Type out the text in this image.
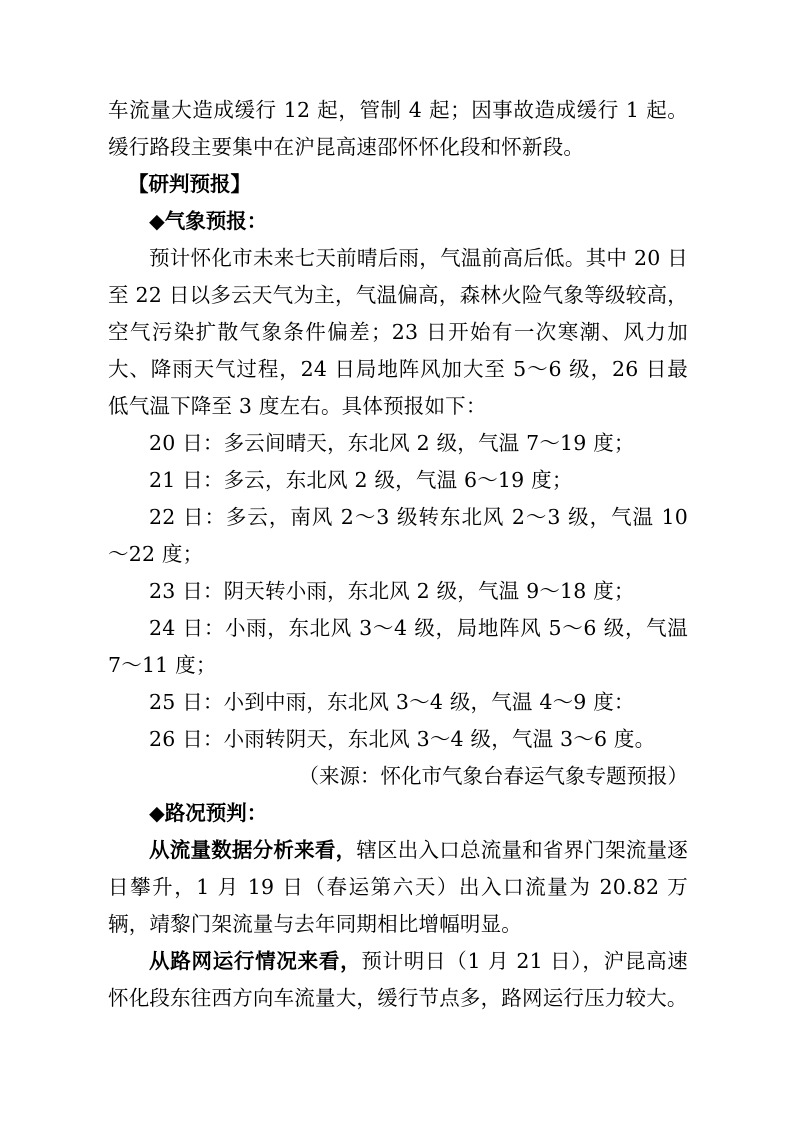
车流量大造成缓行 12 起，管制 4 起；因事故造成缓行 1 起。缓行路段主要集中在沪昆高速邵怀怀化段和怀新段。

【研判预报】

◆气象预报：

预计怀化市未来七天前晴后雨，气温前高后低。其中 20 日至 22 日以多云天气为主，气温偏高，森林火险气象等级较高，空气污染扩散气象条件偏差；23 日开始有一次寒潮、风力加大、降雨天气过程，24 日局地阵风加大至 5～6 级，26 日最低气温下降至 3 度左右。具体预报如下：

20 日：多云间晴天，东北风 2 级，气温 7～19 度；

21 日：多云，东北风 2 级，气温 6～19 度；

22 日：多云，南风 2～3 级转东北风 2～3 级，气温 10～22 度；

23 日：阴天转小雨，东北风 2 级，气温 9～18 度；

24 日：小雨，东北风 3～4 级，局地阵风 5～6 级，气温 7～11 度；

25 日：小到中雨，东北风 3～4 级，气温 4～9 度：

26 日：小雨转阴天，东北风 3～4 级，气温 3～6 度。

（来源：怀化市气象台春运气象专题预报）

◆路况预判：

从流量数据分析来看，辖区出入口总流量和省界门架流量逐日攀升，1 月 19 日（春运第六天）出入口流量为 20.82 万辆，靖黎门架流量与去年同期相比增幅明显。

从路网运行情况来看，预计明日（1 月 21 日），沪昆高速怀化段东往西方向车流量大，缓行节点多，路网运行压力较大。
